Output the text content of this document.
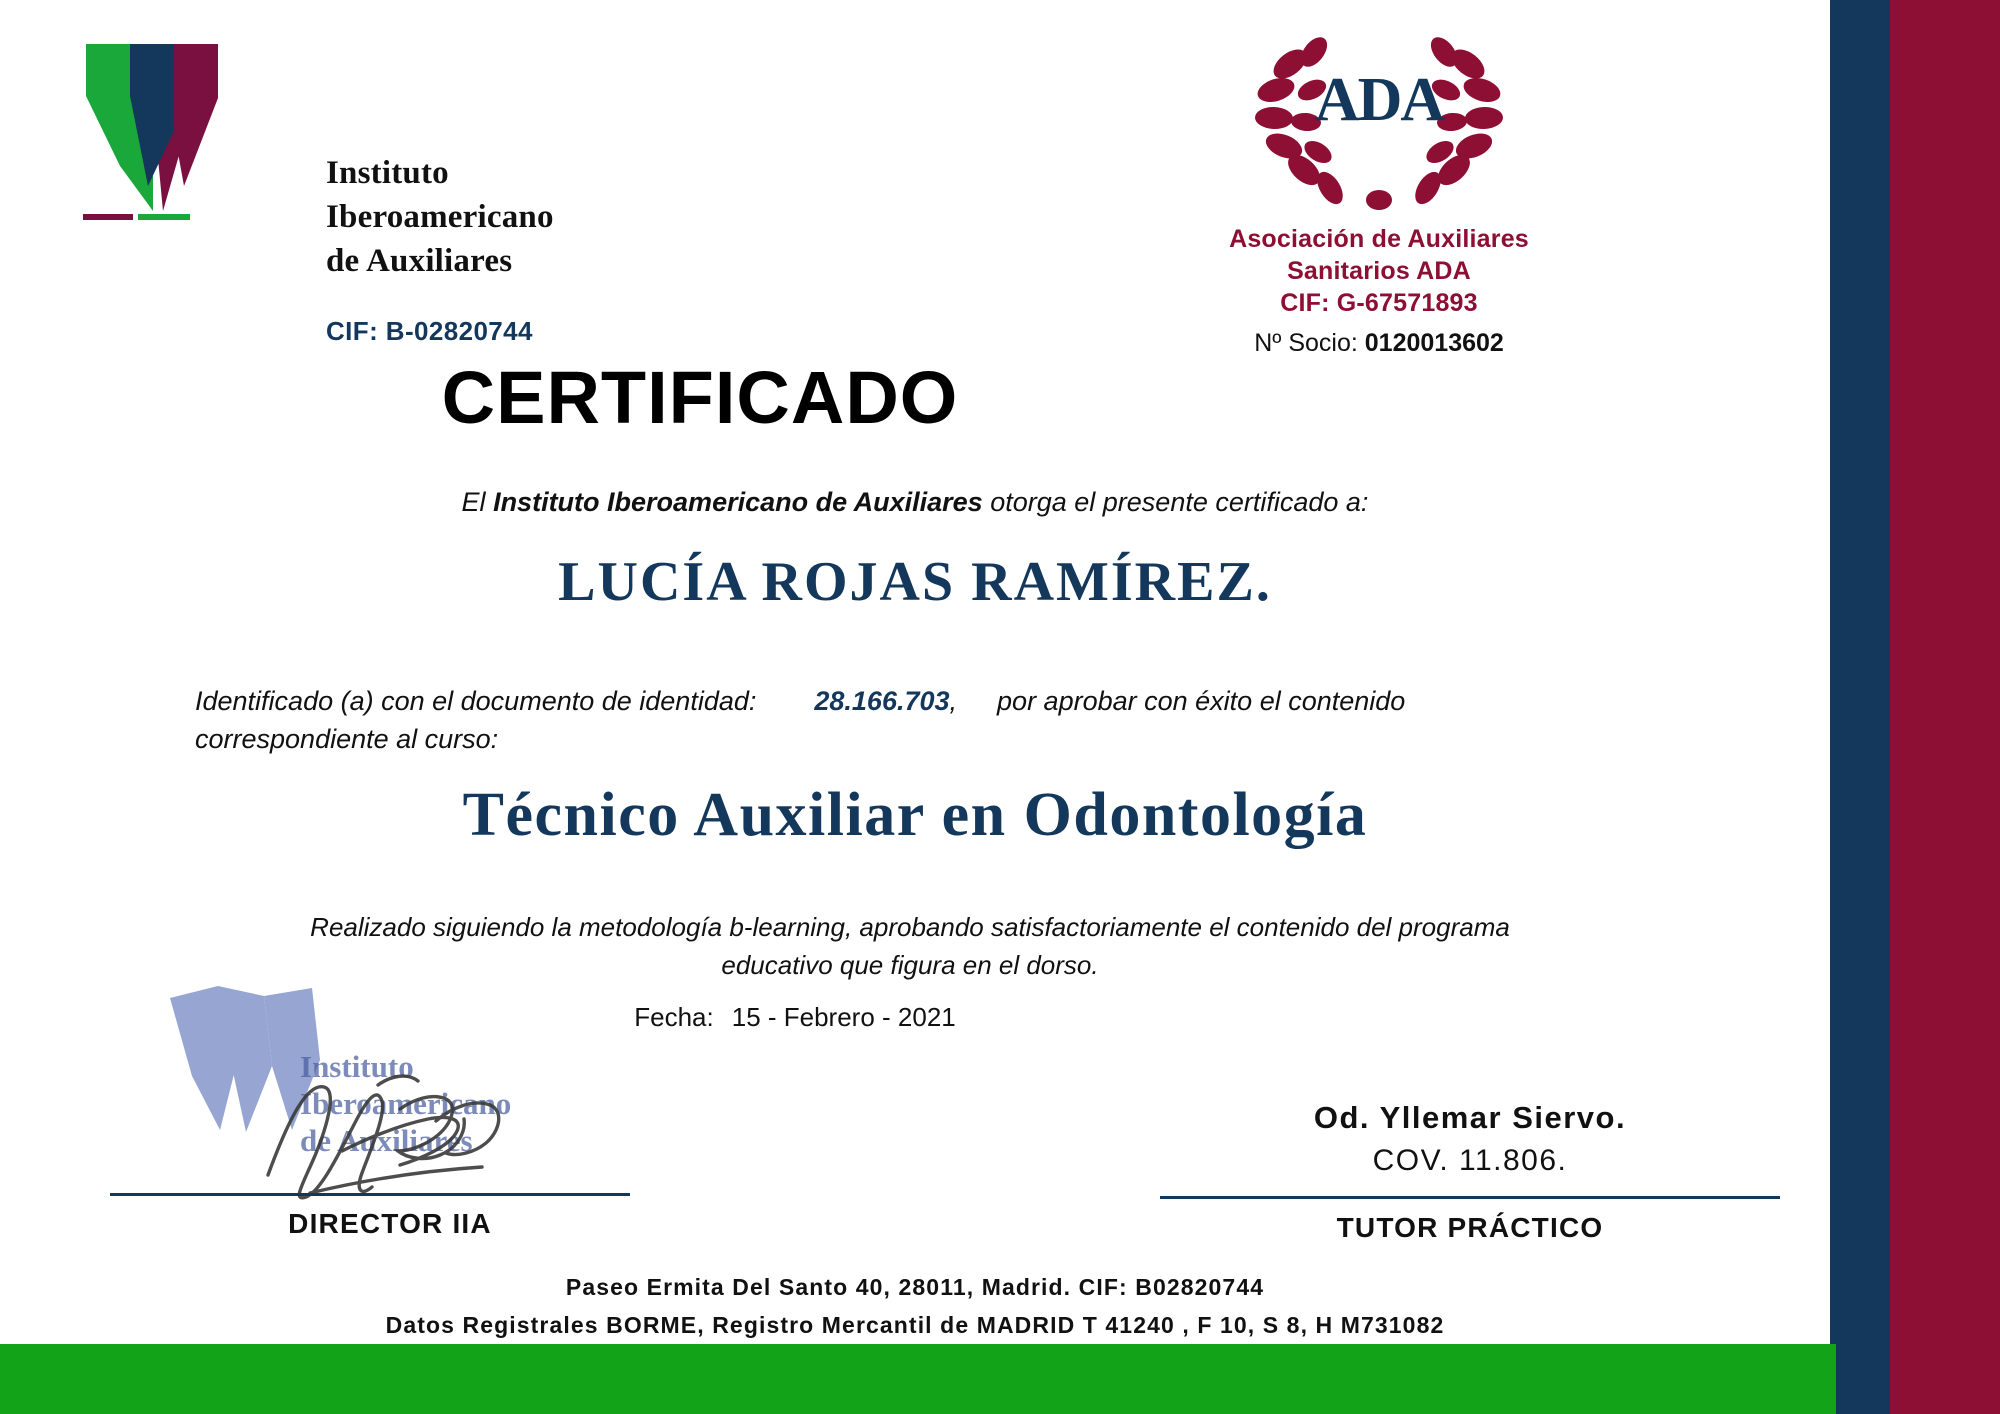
Instituto
Iberoamericano
de Auxiliares
CIF: B-02820744
ADA
Asociación de Auxiliares
Sanitarios ADA
CIF: G-67571893
Nº Socio: 0120013602
CERTIFICADO
El Instituto Iberoamericano de Auxiliares otorga el presente certificado a:
LUCÍA ROJAS RAMÍREZ.
Identificado (a) con el documento de identidad: 28.166.703, por aprobar con éxito el contenido
correspondiente al curso:
Técnico Auxiliar en Odontología
Realizado siguiendo la metodología b-learning, aprobando satisfactoriamente el contenido del programa
educativo que figura en el dorso.
Fecha: 15 - Febrero - 2021
Instituto
Iberoamericano
de Auxiliares
DIRECTOR IIA
Od. Yllemar Siervo.
COV. 11.806.
TUTOR PRÁCTICO
Paseo Ermita Del Santo 40, 28011, Madrid. CIF: B02820744
Datos Registrales BORME, Registro Mercantil de MADRID T 41240 , F 10, S 8, H M731082
